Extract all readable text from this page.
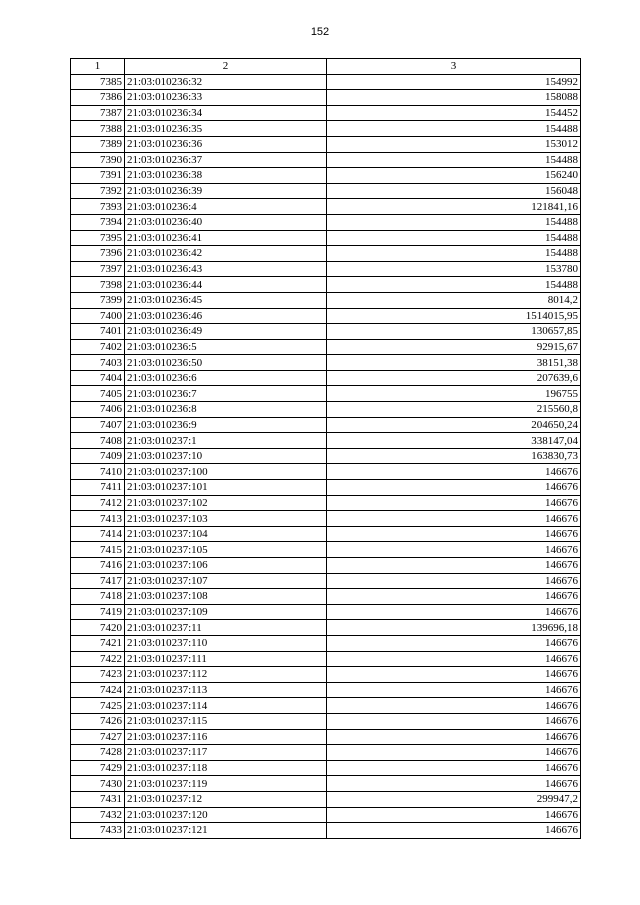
152
1	2	3
7385	21:03:010236:32	154992
7386	21:03:010236:33	158088
7387	21:03:010236:34	154452
7388	21:03:010236:35	154488
7389	21:03:010236:36	153012
7390	21:03:010236:37	154488
7391	21:03:010236:38	156240
7392	21:03:010236:39	156048
7393	21:03:010236:4	121841,16
7394	21:03:010236:40	154488
7395	21:03:010236:41	154488
7396	21:03:010236:42	154488
7397	21:03:010236:43	153780
7398	21:03:010236:44	154488
7399	21:03:010236:45	8014,2
7400	21:03:010236:46	1514015,95
7401	21:03:010236:49	130657,85
7402	21:03:010236:5	92915,67
7403	21:03:010236:50	38151,38
7404	21:03:010236:6	207639,6
7405	21:03:010236:7	196755
7406	21:03:010236:8	215560,8
7407	21:03:010236:9	204650,24
7408	21:03:010237:1	338147,04
7409	21:03:010237:10	163830,73
7410	21:03:010237:100	146676
7411	21:03:010237:101	146676
7412	21:03:010237:102	146676
7413	21:03:010237:103	146676
7414	21:03:010237:104	146676
7415	21:03:010237:105	146676
7416	21:03:010237:106	146676
7417	21:03:010237:107	146676
7418	21:03:010237:108	146676
7419	21:03:010237:109	146676
7420	21:03:010237:11	139696,18
7421	21:03:010237:110	146676
7422	21:03:010237:111	146676
7423	21:03:010237:112	146676
7424	21:03:010237:113	146676
7425	21:03:010237:114	146676
7426	21:03:010237:115	146676
7427	21:03:010237:116	146676
7428	21:03:010237:117	146676
7429	21:03:010237:118	146676
7430	21:03:010237:119	146676
7431	21:03:010237:12	299947,2
7432	21:03:010237:120	146676
7433	21:03:010237:121	146676
